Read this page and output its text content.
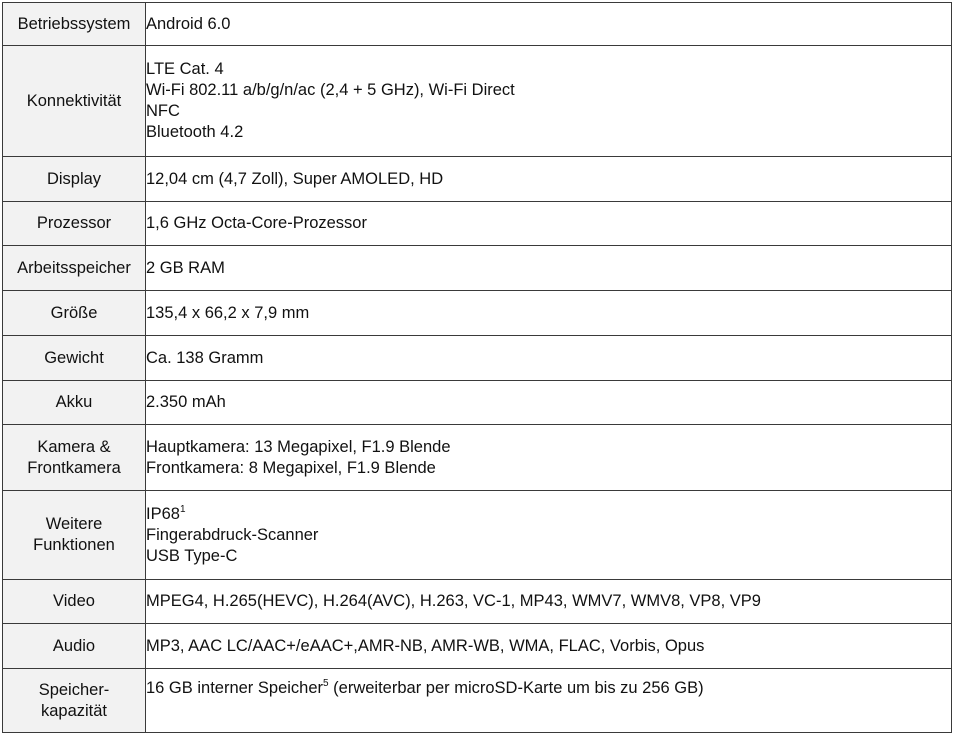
Betriebssystem	Android 6.0

Konnektivität	LTE Cat. 4
Wi-Fi 802.11 a/b/g/n/ac (2,4 + 5 GHz), Wi-Fi Direct
NFC
Bluetooth 4.2

Display	12,04 cm (4,7 Zoll), Super AMOLED, HD

Prozessor	1,6 GHz Octa-Core-Prozessor

Arbeitsspeicher	2 GB RAM

Größe	135,4 x 66,2 x 7,9 mm

Gewicht	Ca. 138 Gramm

Akku	2.350 mAh

Kamera &
Frontkamera	Hauptkamera: 13 Megapixel, F1.9 Blende
Frontkamera: 8 Megapixel, F1.9 Blende

Weitere
Funktionen	$IP68^1$
Fingerabdruck-Scanner
USB Type-C

Video	MPEG4, H.265(HEVC), H.264(AVC), H.263, VC-1, MP43, WMV7, WMV8, VP8, VP9

Audio	MP3, AAC LC/AAC+/eAAC+,AMR-NB, AMR-WB, WMA, FLAC, Vorbis, Opus

Speicher-
kapazität	16 GB interner Speicher$^5$ (erweiterbar per microSD-Karte um bis zu 256 GB)
